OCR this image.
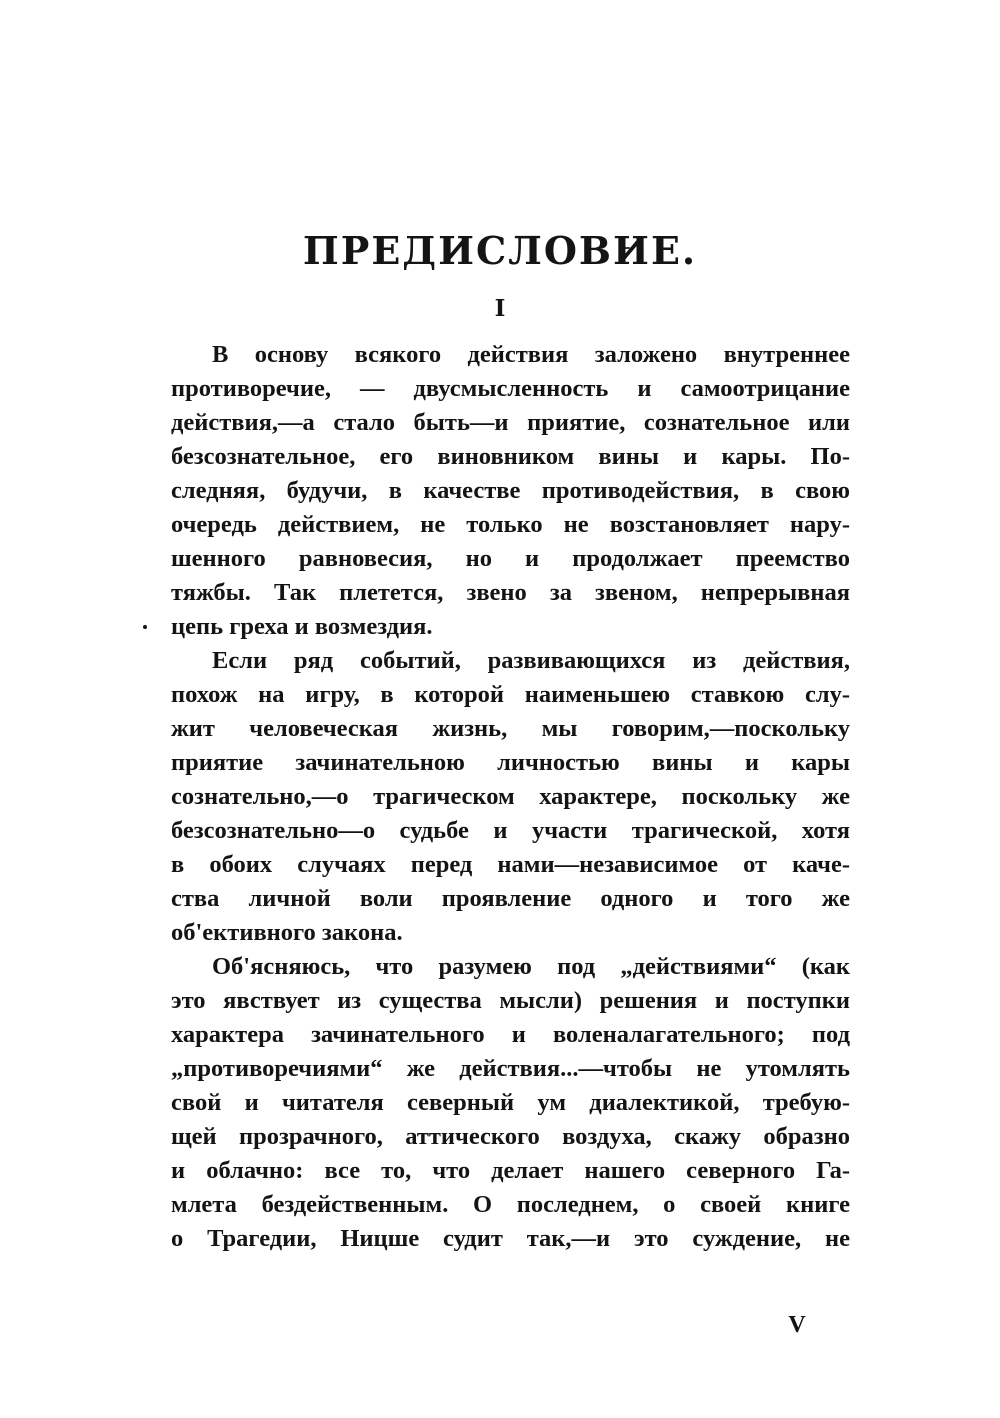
ПРЕДИСЛОВИЕ.
I
В основу всякого действия заложено внутреннее
противоречие, — двусмысленность и самоотрицание
действия,—а стало быть—и приятие, сознательное или
безсознательное, его виновником вины и кары. По-
следняя, будучи, в качестве противодействия, в свою
очередь действием, не только не возстановляет нару-
шенного равновесия, но и продолжает преемство
тяжбы. Так плетется, звено за звеном, непрерывная
цепь греха и возмездия.
Если ряд событий, развивающихся из действия,
похож на игру, в которой наименьшею ставкою слу-
жит человеческая жизнь, мы говорим,—поскольку
приятие зачинательною личностью вины и кары
сознательно,—о трагическом характере, поскольку же
безсознательно—о судьбе и участи трагической, хотя
в обоих случаях перед нами—независимое от каче-
ства личной воли проявление одного и того же
об'ективного закона.
Об'ясняюсь, что разумею под „действиями“ (как
это явствует из существа мысли) решения и поступки
характера зачинательного и воленалагательного; под
„противоречиями“ же действия...—чтобы не утомлять
свой и читателя северный ум диалектикой, требую-
щей прозрачного, аттического воздуха, скажу образно
и облачно: все то, что делает нашего северного Га-
млета бездейственным. О последнем, о своей книге
о Трагедии, Ницше судит так,—и это суждение, не
V
